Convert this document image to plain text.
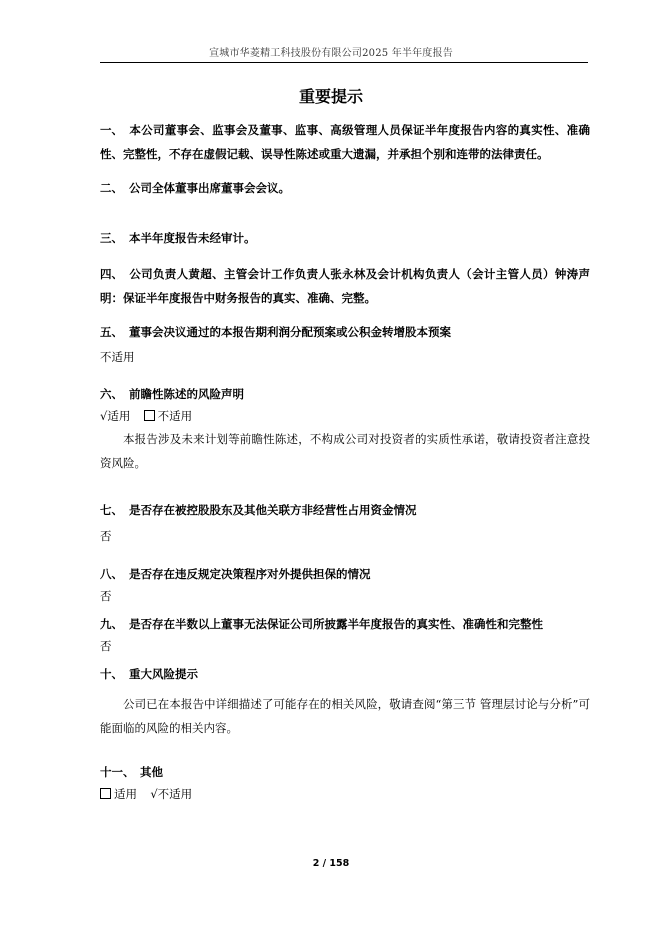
宣城市华菱精工科技股份有限公司2025 年半年度报告
重要提示
一、 本公司董事会、监事会及董事、监事、高级管理人员保证半年度报告内容的真实性、准确性、完整性，不存在虚假记载、误导性陈述或重大遗漏，并承担个别和连带的法律责任。
二、 公司全体董事出席董事会会议。
三、 本半年度报告未经审计。
四、 公司负责人黄超、主管会计工作负责人张永林及会计机构负责人（会计主管人员）钟涛声明：保证半年度报告中财务报告的真实、准确、完整。
五、 董事会决议通过的本报告期利润分配预案或公积金转增股本预案
不适用
六、 前瞻性陈述的风险声明
√适用 不适用
本报告涉及未来计划等前瞻性陈述，不构成公司对投资者的实质性承诺，敬请投资者注意投资风险。
七、 是否存在被控股股东及其他关联方非经营性占用资金情况
否
八、 是否存在违反规定决策程序对外提供担保的情况
否
九、 是否存在半数以上董事无法保证公司所披露半年度报告的真实性、准确性和完整性
否
十、 重大风险提示
公司已在本报告中详细描述了可能存在的相关风险，敬请查阅“第三节 管理层讨论与分析”可能面临的风险的相关内容。
十一、 其他
适用 √不适用
2 / 158
